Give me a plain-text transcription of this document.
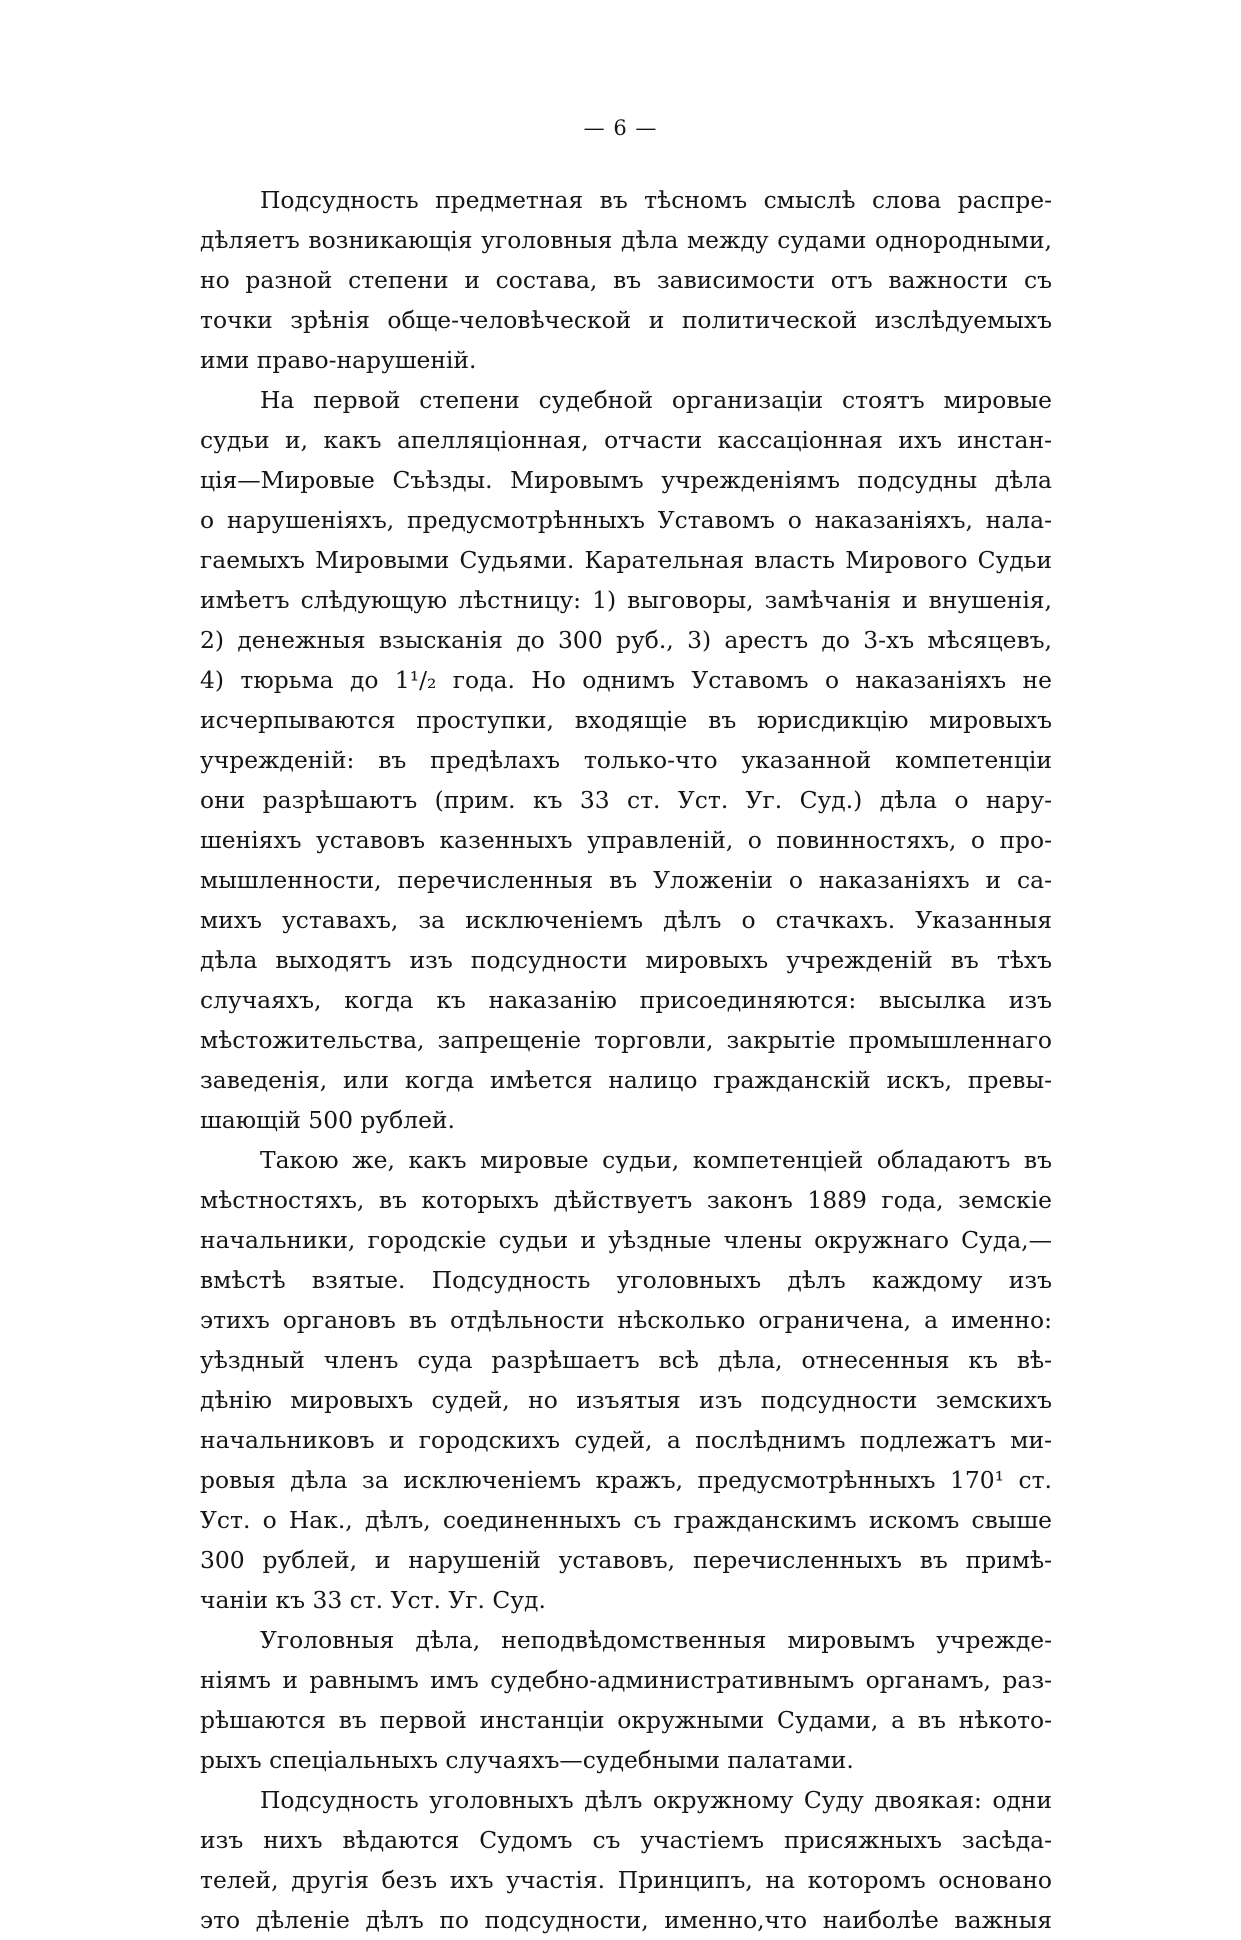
— 6 —
Подсудность предметная въ тѣсномъ смыслѣ слова распре-
дѣляетъ возникающія уголовныя дѣла между судами однородными,
но разной степени и состава, въ зависимости отъ важности съ
точки зрѣнія обще-человѣческой и политической изслѣдуемыхъ
ими право-нарушеній.
На первой степени судебной организаціи стоятъ мировые
судьи и, какъ апелляціонная, отчасти кассаціонная ихъ инстан-
ція—Мировые Съѣзды. Мировымъ учрежденіямъ подсудны дѣла
о нарушеніяхъ, предусмотрѣнныхъ Уставомъ о наказаніяхъ, нала-
гаемыхъ Мировыми Судьями. Карательная власть Мирового Судьи
имѣетъ слѣдующую лѣстницу: 1) выговоры, замѣчанія и внушенія,
2) денежныя взысканія до 300 руб., 3) арестъ до 3-хъ мѣсяцевъ,
4) тюрьма до 1¹/₂ года. Но однимъ Уставомъ о наказаніяхъ не
исчерпываются проступки, входящіе въ юрисдикцію мировыхъ
учрежденій: въ предѣлахъ только-что указанной компетенціи
они разрѣшаютъ (прим. къ 33 ст. Уст. Уг. Суд.) дѣла о нару-
шеніяхъ уставовъ казенныхъ управленій, о повинностяхъ, о про-
мышленности, перечисленныя въ Уложеніи о наказаніяхъ и са-
михъ уставахъ, за исключеніемъ дѣлъ о стачкахъ. Указанныя
дѣла выходятъ изъ подсудности мировыхъ учрежденій въ тѣхъ
случаяхъ, когда къ наказанію присоединяются: высылка изъ
мѣстожительства, запрещеніе торговли, закрытіе промышленнаго
заведенія, или когда имѣется налицо гражданскій искъ, превы-
шающій 500 рублей.
Такою же, какъ мировые судьи, компетенціей обладаютъ въ
мѣстностяхъ, въ которыхъ дѣйствуетъ законъ 1889 года, земскіе
начальники, городскіе судьи и уѣздные члены окружнаго Суда,—
вмѣстѣ взятые. Подсудность уголовныхъ дѣлъ каждому изъ
этихъ органовъ въ отдѣльности нѣсколько ограничена, а именно:
уѣздный членъ суда разрѣшаетъ всѣ дѣла, отнесенныя къ вѣ-
дѣнію мировыхъ судей, но изъятыя изъ подсудности земскихъ
начальниковъ и городскихъ судей, а послѣднимъ подлежатъ ми-
ровыя дѣла за исключеніемъ кражъ, предусмотрѣнныхъ 170¹ ст.
Уст. о Нак., дѣлъ, соединенныхъ съ гражданскимъ искомъ свыше
300 рублей, и нарушеній уставовъ, перечисленныхъ въ примѣ-
чаніи къ 33 ст. Уст. Уг. Суд.
Уголовныя дѣла, неподвѣдомственныя мировымъ учрежде-
ніямъ и равнымъ имъ судебно-административнымъ органамъ, раз-
рѣшаются въ первой инстанціи окружными Судами, а въ нѣкото-
рыхъ спеціальныхъ случаяхъ—судебными палатами.
Подсудность уголовныхъ дѣлъ окружному Суду двоякая: одни
изъ нихъ вѣдаются Судомъ съ участіемъ присяжныхъ засѣда-
телей, другія безъ ихъ участія. Принципъ, на которомъ основано
это дѣленіе дѣлъ по подсудности, именно,что наиболѣе важныя
